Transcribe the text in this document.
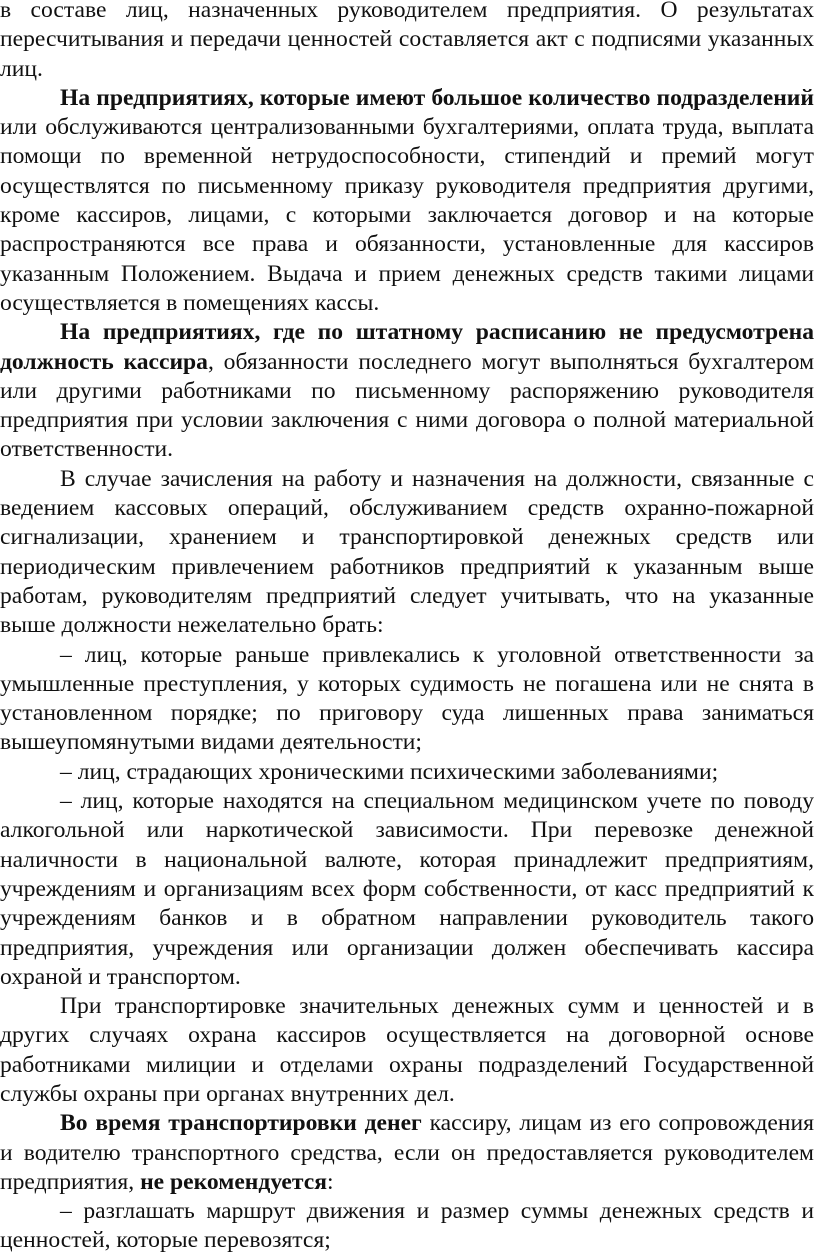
в составе лиц, назначенных руководителем предприятия. О результатах пересчитывания и передачи ценностей составляется акт с подписями указанных лиц.

На предприятиях, которые имеют большое количество подразделений или обслуживаются централизованными бухгалтериями, оплата труда, выплата помощи по временной нетрудоспособности, стипендий и премий могут осуществлятся по письменному приказу руководителя предприятия другими, кроме кассиров, лицами, с которыми заключается договор и на которые распространяются все права и обязанности, установленные для кассиров указанным Положением. Выдача и прием денежных средств такими лицами осуществляется в помещениях кассы.

На предприятиях, где по штатному расписанию не предусмотрена должность кассира, обязанности последнего могут выполняться бухгалтером или другими работниками по письменному распоряжению руководителя предприятия при условии заключения с ними договора о полной материальной ответственности.

В случае зачисления на работу и назначения на должности, связанные с ведением кассовых операций, обслуживанием средств охранно-пожарной сигнализации, хранением и транспортировкой денежных средств или периодическим привлечением работников предприятий к указанным выше работам, руководителям предприятий следует учитывать, что на указанные выше должности нежелательно брать:

– лиц, которые раньше привлекались к уголовной ответственности за умышленные преступления, у которых судимость не погашена или не снята в установленном порядке; по приговору суда лишенных права заниматься вышеупомянутыми видами деятельности;

– лиц, страдающих хроническими психическими заболеваниями;

– лиц, которые находятся на специальном медицинском учете по поводу алкогольной или наркотической зависимости. При перевозке денежной наличности в национальной валюте, которая принадлежит предприятиям, учреждениям и организациям всех форм собственности, от касс предприятий к учреждениям банков и в обратном направлении руководитель такого предприятия, учреждения или организации должен обеспечивать кассира охраной и транспортом.

При транспортировке значительных денежных сумм и ценностей и в других случаях охрана кассиров осуществляется на договорной основе работниками милиции и отделами охраны подразделений Государственной службы охраны при органах внутренних дел.

Во время транспортировки денег кассиру, лицам из его сопровождения и водителю транспортного средства, если он предоставляется руководителем предприятия, не рекомендуется:

– разглашать маршрут движения и размер суммы денежных средств и ценностей, которые перевозятся;
